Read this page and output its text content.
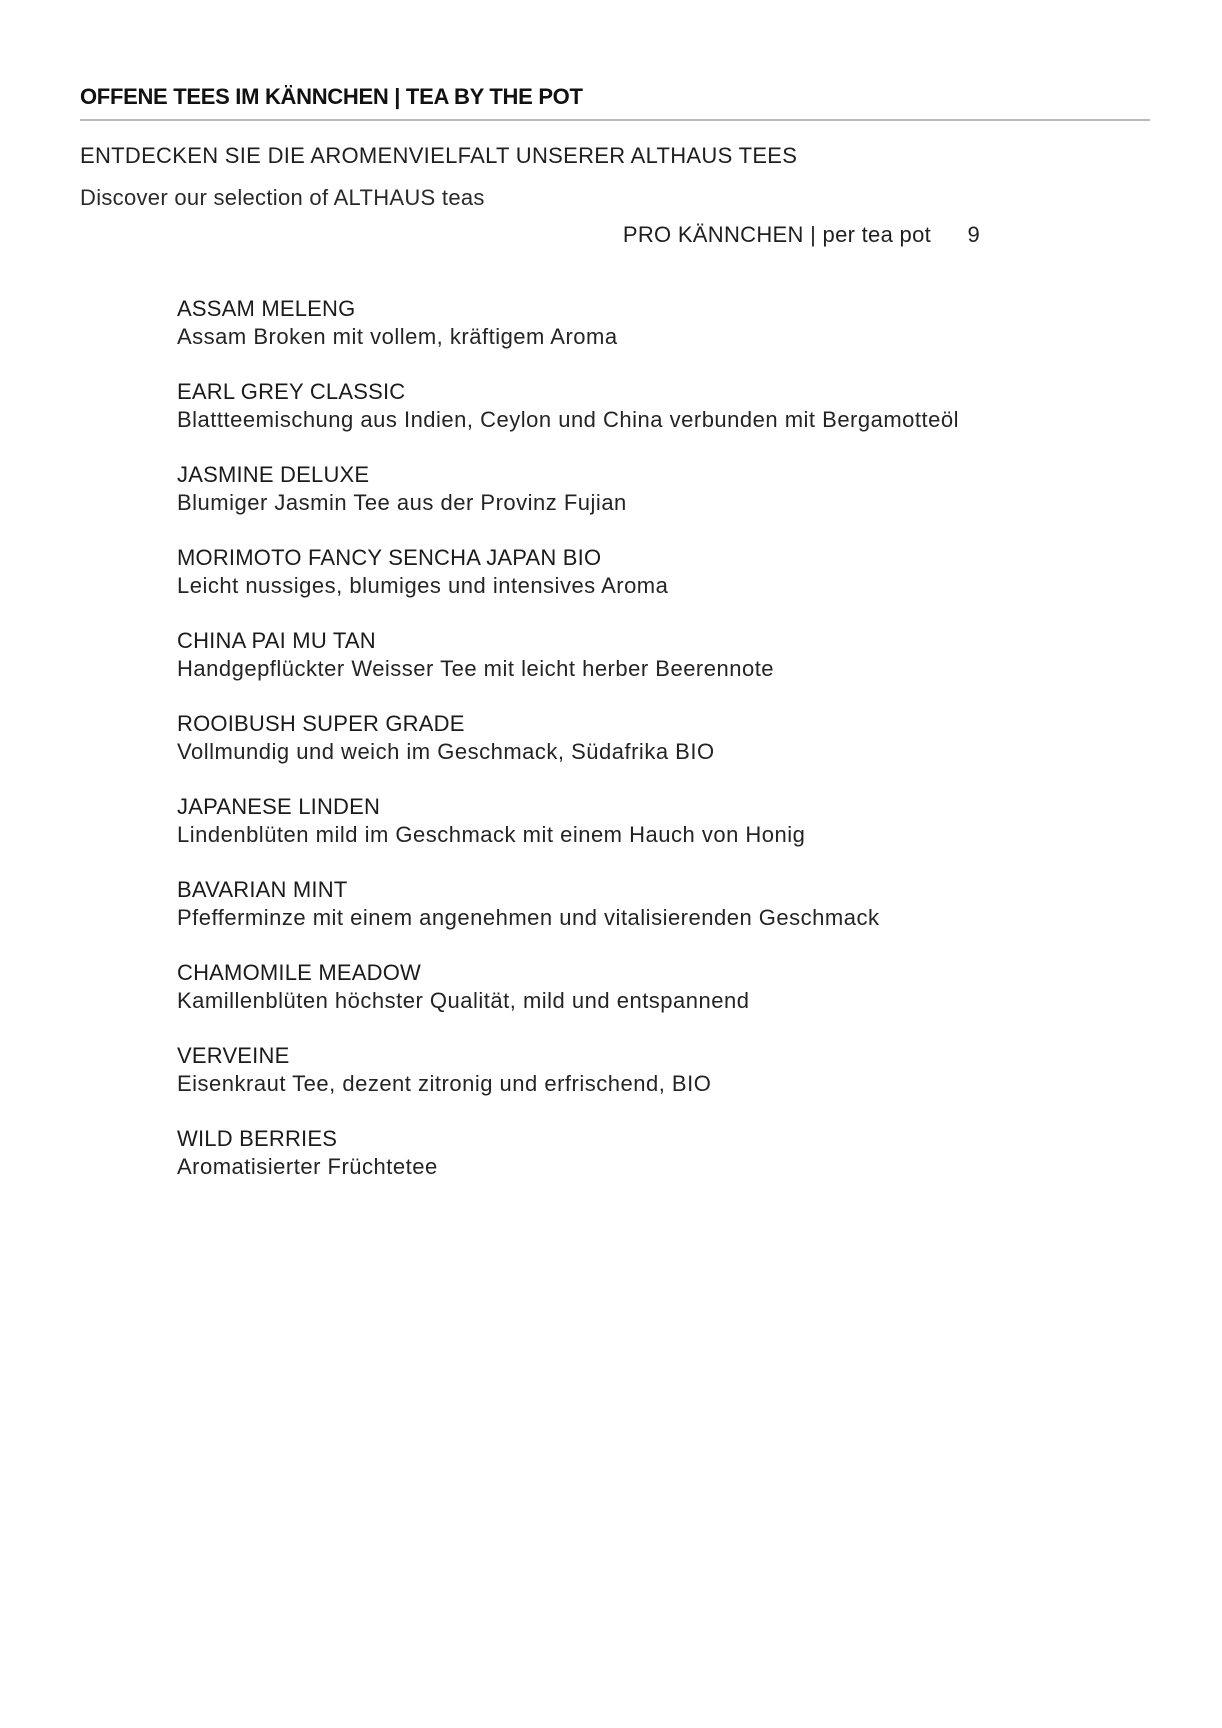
OFFENE TEES IM KÄNNCHEN | TEA BY THE POT
ENTDECKEN SIE DIE AROMENVIELFALT UNSERER ALTHAUS TEES
Discover our selection of ALTHAUS teas
PRO KÄNNCHEN | per tea pot 9
ASSAM MELENG
Assam Broken mit vollem, kräftigem Aroma
EARL GREY CLASSIC
Blattteemischung aus Indien, Ceylon und China verbunden mit Bergamotteöl
JASMINE DELUXE
Blumiger Jasmin Tee aus der Provinz Fujian
MORIMOTO FANCY SENCHA JAPAN BIO
Leicht nussiges, blumiges und intensives Aroma
CHINA PAI MU TAN
Handgepflückter Weisser Tee mit leicht herber Beerennote
ROOIBUSH SUPER GRADE
Vollmundig und weich im Geschmack, Südafrika BIO
JAPANESE LINDEN
Lindenblüten mild im Geschmack mit einem Hauch von Honig
BAVARIAN MINT
Pfefferminze mit einem angenehmen und vitalisierenden Geschmack
CHAMOMILE MEADOW
Kamillenblüten höchster Qualität, mild und entspannend
VERVEINE
Eisenkraut Tee, dezent zitronig und erfrischend, BIO
WILD BERRIES
Aromatisierter Früchtetee
